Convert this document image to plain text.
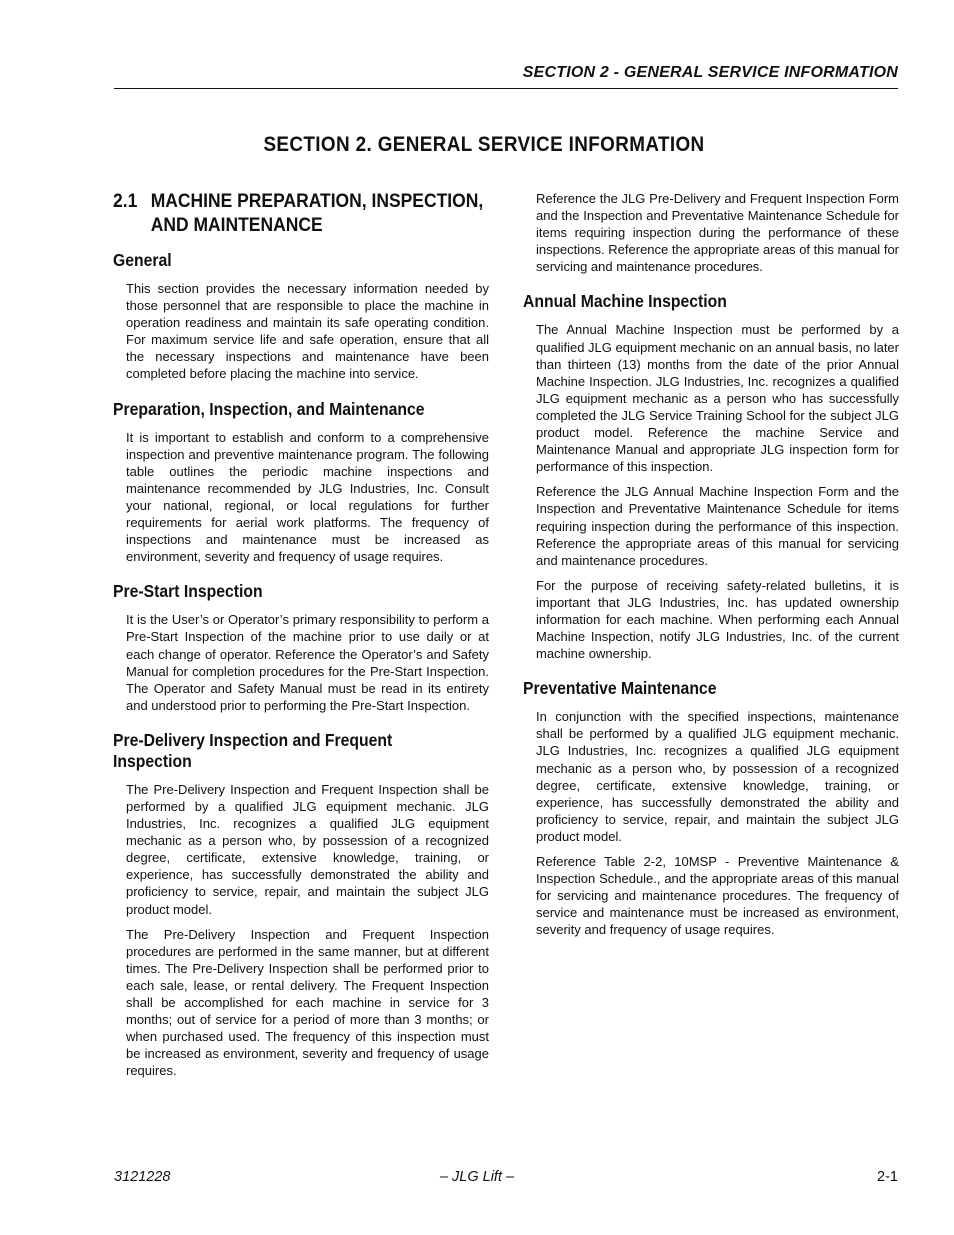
SECTION 2 - GENERAL SERVICE INFORMATION
SECTION 2. GENERAL SERVICE INFORMATION
2.1 MACHINE PREPARATION, INSPECTION, AND MAINTENANCE
General

This section provides the necessary information needed by those personnel that are responsible to place the machine in operation readiness and maintain its safe operating condition. For maximum service life and safe operation, ensure that all the necessary inspections and maintenance have been completed before placing the machine into service.

Preparation, Inspection, and Maintenance

It is important to establish and conform to a comprehensive inspection and preventive maintenance program. The following table outlines the periodic machine inspections and maintenance recommended by JLG Industries, Inc. Consult your national, regional, or local regulations for further requirements for aerial work platforms. The frequency of inspections and maintenance must be increased as environment, severity and frequency of usage requires.

Pre-Start Inspection

It is the User’s or Operator’s primary responsibility to perform a Pre-Start Inspection of the machine prior to use daily or at each change of operator. Reference the Operator’s and Safety Manual for completion procedures for the Pre-Start Inspection. The Operator and Safety Manual must be read in its entirety and understood prior to performing the Pre-Start Inspection.

Pre-Delivery Inspection and Frequent Inspection

The Pre-Delivery Inspection and Frequent Inspection shall be performed by a qualified JLG equipment mechanic. JLG Industries, Inc. recognizes a qualified JLG equipment mechanic as a person who, by possession of a recognized degree, certificate, extensive knowledge, training, or experience, has successfully demonstrated the ability and proficiency to service, repair, and maintain the subject JLG product model.

The Pre-Delivery Inspection and Frequent Inspection procedures are performed in the same manner, but at different times. The Pre-Delivery Inspection shall be performed prior to each sale, lease, or rental delivery. The Frequent Inspection shall be accomplished for each machine in service for 3 months; out of service for a period of more than 3 months; or when purchased used. The frequency of this inspection must be increased as environment, severity and frequency of usage requires.

Reference the JLG Pre-Delivery and Frequent Inspection Form and the Inspection and Preventative Maintenance Schedule for items requiring inspection during the performance of these inspections. Reference the appropriate areas of this manual for servicing and maintenance procedures.

Annual Machine Inspection

The Annual Machine Inspection must be performed by a qualified JLG equipment mechanic on an annual basis, no later than thirteen (13) months from the date of the prior Annual Machine Inspection. JLG Industries, Inc. recognizes a qualified JLG equipment mechanic as a person who has successfully completed the JLG Service Training School for the subject JLG product model. Reference the machine Service and Maintenance Manual and appropriate JLG inspection form for performance of this inspection.

Reference the JLG Annual Machine Inspection Form and the Inspection and Preventative Maintenance Schedule for items requiring inspection during the performance of this inspection. Reference the appropriate areas of this manual for servicing and maintenance procedures.

For the purpose of receiving safety-related bulletins, it is important that JLG Industries, Inc. has updated ownership information for each machine. When performing each Annual Machine Inspection, notify JLG Industries, Inc. of the current machine ownership.

Preventative Maintenance

In conjunction with the specified inspections, maintenance shall be performed by a qualified JLG equipment mechanic. JLG Industries, Inc. recognizes a qualified JLG equipment mechanic as a person who, by possession of a recognized degree, certificate, extensive knowledge, training, or experience, has successfully demonstrated the ability and proficiency to service, repair, and maintain the subject JLG product model.

Reference Table 2-2, 10MSP - Preventive Maintenance & Inspection Schedule., and the appropriate areas of this manual for servicing and maintenance procedures. The frequency of service and maintenance must be increased as environment, severity and frequency of usage requires.

3121228	– JLG Lift –	2-1
